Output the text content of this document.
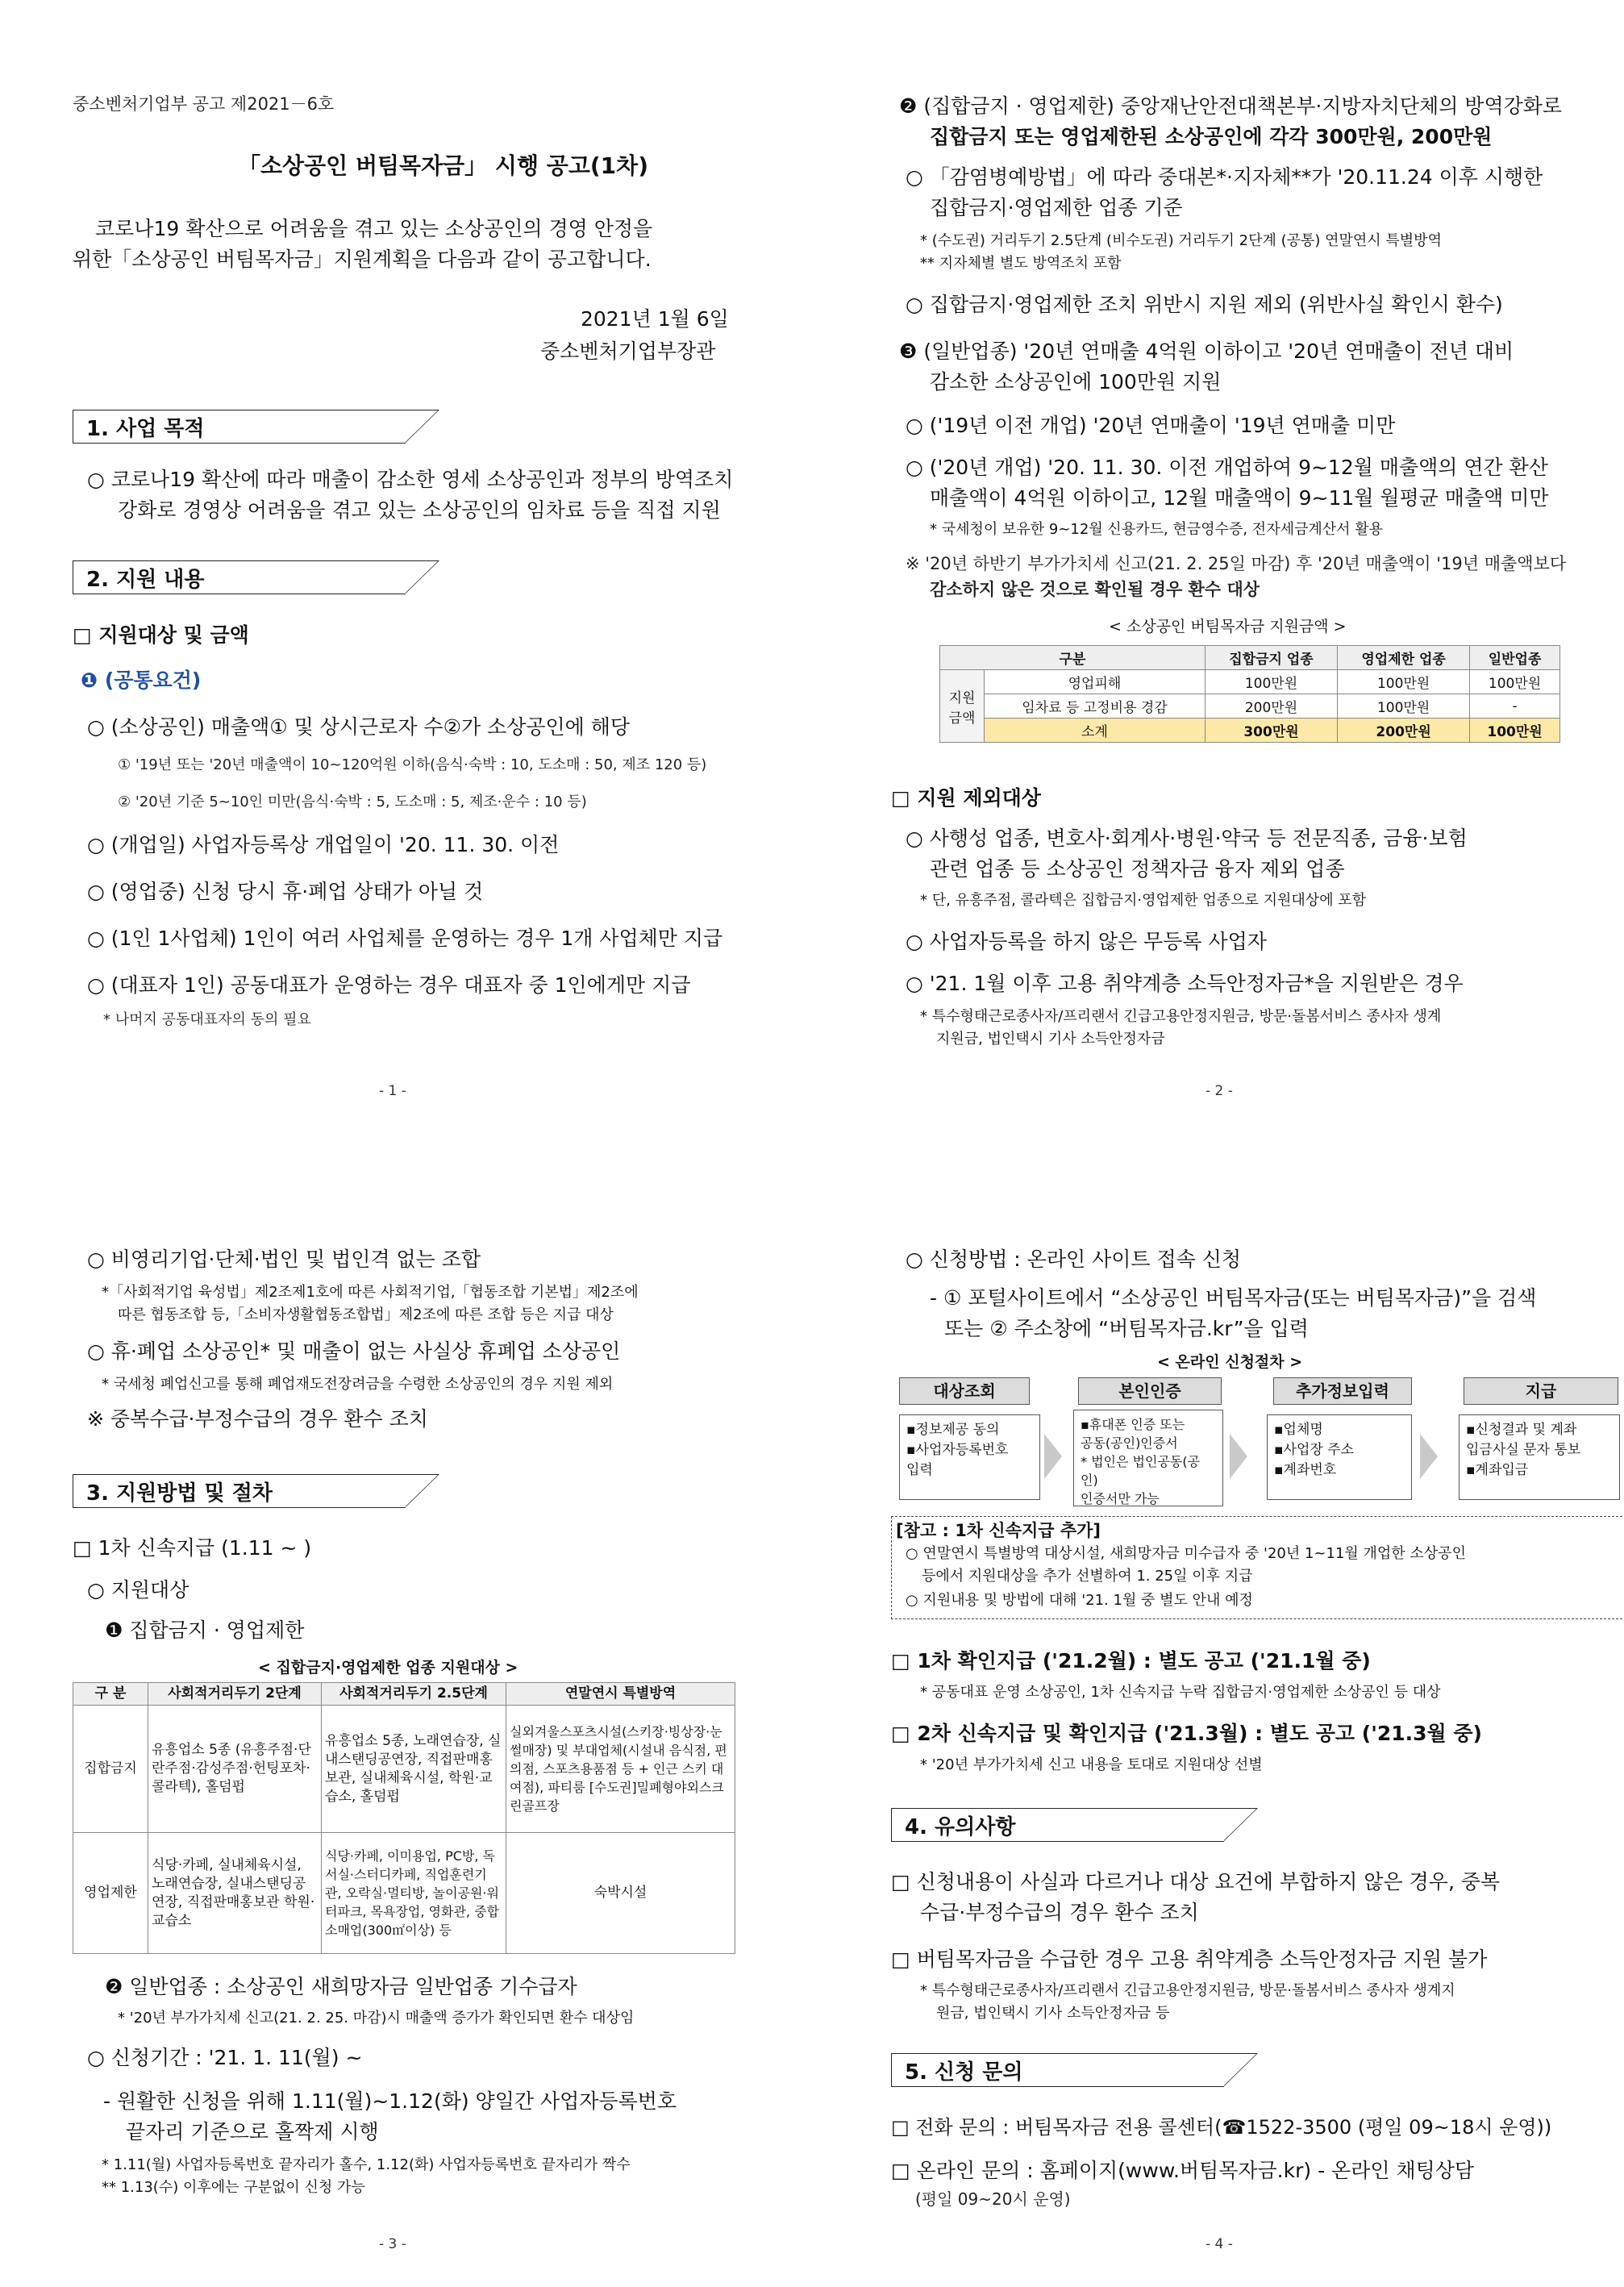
중소벤처기업부 공고 제2021－6호
「소상공인 버팀목자금」 시행 공고(1차)
코로나19 확산으로 어려움을 겪고 있는 소상공인의 경영 안정을
위한「소상공인 버팀목자금」지원계획을 다음과 같이 공고합니다.
2021년 1월 6일
중소벤처기업부장관
1. 사업 목적
○ 코로나19 확산에 따라 매출이 감소한 영세 소상공인과 정부의 방역조치
강화로 경영상 어려움을 겪고 있는 소상공인의 임차료 등을 직접 지원
2. 지원 내용
□ 지원대상 및 금액
❶ (공통요건)
○ (소상공인) 매출액① 및 상시근로자 수②가 소상공인에 해당
① '19년 또는 '20년 매출액이 10~120억원 이하(음식·숙박 : 10, 도소매 : 50, 제조 120 등)
② '20년 기준 5~10인 미만(음식·숙박 : 5, 도소매 : 5, 제조·운수 : 10 등)
○ (개업일) 사업자등록상 개업일이 '20. 11. 30. 이전
○ (영업중) 신청 당시 휴·폐업 상태가 아닐 것
○ (1인 1사업체) 1인이 여러 사업체를 운영하는 경우 1개 사업체만 지급
○ (대표자 1인) 공동대표가 운영하는 경우 대표자 중 1인에게만 지급
* 나머지 공동대표자의 동의 필요
- 1 -
❷ (집합금지 · 영업제한) 중앙재난안전대책본부·지방자치단체의 방역강화로
집합금지 또는 영업제한된 소상공인에 각각 300만원, 200만원
○ 「감염병예방법」에 따라 중대본*·지자체**가 '20.11.24 이후 시행한
집합금지·영업제한 업종 기준
* (수도권) 거리두기 2.5단계 (비수도권) 거리두기 2단계 (공통) 연말연시 특별방역
** 지자체별 별도 방역조치 포함
○ 집합금지·영업제한 조치 위반시 지원 제외 (위반사실 확인시 환수)
❸ (일반업종) '20년 연매출 4억원 이하이고 '20년 연매출이 전년 대비
감소한 소상공인에 100만원 지원
○ ('19년 이전 개업) '20년 연매출이 '19년 연매출 미만
○ ('20년 개업) '20. 11. 30. 이전 개업하여 9~12월 매출액의 연간 환산
매출액이 4억원 이하이고, 12월 매출액이 9~11월 월평균 매출액 미만
* 국세청이 보유한 9~12월 신용카드, 현금영수증, 전자세금계산서 활용
※ '20년 하반기 부가가치세 신고(21. 2. 25일 마감) 후 '20년 매출액이 '19년 매출액보다
감소하지 않은 것으로 확인될 경우 환수 대상
< 소상공인 버팀목자금 지원금액 >
구분		집합금지 업종	영업제한 업종	일반업종
지원 금액	영업피해	100만원	100만원	100만원
	임차료 등 고정비용 경감	200만원	100만원	-
	소계	300만원	200만원	100만원
□ 지원 제외대상
○ 사행성 업종, 변호사·회계사·병원·약국 등 전문직종, 금융·보험
관련 업종 등 소상공인 정책자금 융자 제외 업종
* 단, 유흥주점, 콜라텍은 집합금지·영업제한 업종으로 지원대상에 포함
○ 사업자등록을 하지 않은 무등록 사업자
○ '21. 1월 이후 고용 취약계층 소득안정자금*을 지원받은 경우
* 특수형태근로종사자/프리랜서 긴급고용안정지원금, 방문·돌봄서비스 종사자 생계
지원금, 법인택시 기사 소득안정자금
- 2 -
○ 비영리기업·단체·법인 및 법인격 없는 조합
*「사회적기업 육성법」제2조제1호에 따른 사회적기업,「협동조합 기본법」제2조에
따른 협동조합 등,「소비자생활협동조합법」제2조에 따른 조합 등은 지급 대상
○ 휴·폐업 소상공인* 및 매출이 없는 사실상 휴폐업 소상공인
* 국세청 폐업신고를 통해 폐업재도전장려금을 수령한 소상공인의 경우 지원 제외
※ 중복수급·부정수급의 경우 환수 조치
3. 지원방법 및 절차
□ 1차 신속지급 (1.11 ~ )
○ 지원대상
❶ 집합금지 · 영업제한
< 집합금지·영업제한 업종 지원대상 >
구 분	사회적거리두기 2단계	사회적거리두기 2.5단계	연말연시 특별방역
집합금지	유흥업소 5종 (유흥주점·단란주점·감성주점·헌팅포차·콜라텍), 홀덤펍	유흥업소 5종, 노래연습장, 실내스탠딩공연장, 직접판매홍보관, 실내체육시설, 학원·교습소, 홀덤펍	실외겨울스포츠시설(스키장·빙상장·눈썰매장) 및 부대업체(시설내 음식점, 편의점, 스포츠용품점 등 + 인근 스키 대여점), 파티룸 [수도권]밀폐형야외스크린골프장
영업제한	식당·카페, 실내체육시설, 노래연습장, 실내스탠딩공연장, 직접판매홍보관 학원·교습소	식당·카페, 이미용업, PC방, 독서실·스터디카페, 직업훈련기관, 오락실·멀티방, 놀이공원·워터파크, 목욕장업, 영화관, 중합소매업(300㎡이상) 등	숙박시설
❷ 일반업종 : 소상공인 새희망자금 일반업종 기수급자
* '20년 부가가치세 신고(21. 2. 25. 마감)시 매출액 증가가 확인되면 환수 대상임
○ 신청기간 : '21. 1. 11(월) ~
- 원활한 신청을 위해 1.11(월)~1.12(화) 양일간 사업자등록번호
끝자리 기준으로 홀짝제 시행
* 1.11(월) 사업자등록번호 끝자리가 홀수, 1.12(화) 사업자등록번호 끝자리가 짝수
** 1.13(수) 이후에는 구분없이 신청 가능
- 3 -
○ 신청방법 : 온라인 사이트 접속 신청
- ① 포털사이트에서 “소상공인 버팀목자금(또는 버팀목자금)”을 검색
또는 ② 주소창에 “버팀목자금.kr”을 입력
< 온라인 신청절차 >
대상조회	본인인증	추가정보입력	지급
▪정보제공 동의
▪사업자등록번호
입력
▪휴대폰 인증 또는
공동(공인)인증서
* 법인은 법인공동(공인)
인증서만 가능
▪업체명
▪사업장 주소
▪계좌번호
▪신청결과 및 계좌
입금사실 문자 통보
▪계좌입금
[참고 : 1차 신속지급 추가]
○ 연말연시 특별방역 대상시설, 새희망자금 미수급자 중 '20년 1~11월 개업한 소상공인
등에서 지원대상을 추가 선별하여 1. 25일 이후 지급
○ 지원내용 및 방법에 대해 '21. 1월 중 별도 안내 예정
□ 1차 확인지급 ('21.2월) : 별도 공고 ('21.1월 중)
* 공동대표 운영 소상공인, 1차 신속지급 누락 집합금지·영업제한 소상공인 등 대상
□ 2차 신속지급 및 확인지급 ('21.3월) : 별도 공고 ('21.3월 중)
* '20년 부가가치세 신고 내용을 토대로 지원대상 선별
4. 유의사항
□ 신청내용이 사실과 다르거나 대상 요건에 부합하지 않은 경우, 중복
수급·부정수급의 경우 환수 조치
□ 버팀목자금을 수급한 경우 고용 취약계층 소득안정자금 지원 불가
* 특수형태근로종사자/프리랜서 긴급고용안정지원금, 방문·돌봄서비스 종사자 생계지
원금, 법인택시 기사 소득안정자금 등
5. 신청 문의
□ 전화 문의 : 버팀목자금 전용 콜센터(☎1522-3500 (평일 09~18시 운영))
□ 온라인 문의 : 홈페이지(www.버팀목자금.kr) - 온라인 채팅상담
(평일 09~20시 운영)
- 4 -
